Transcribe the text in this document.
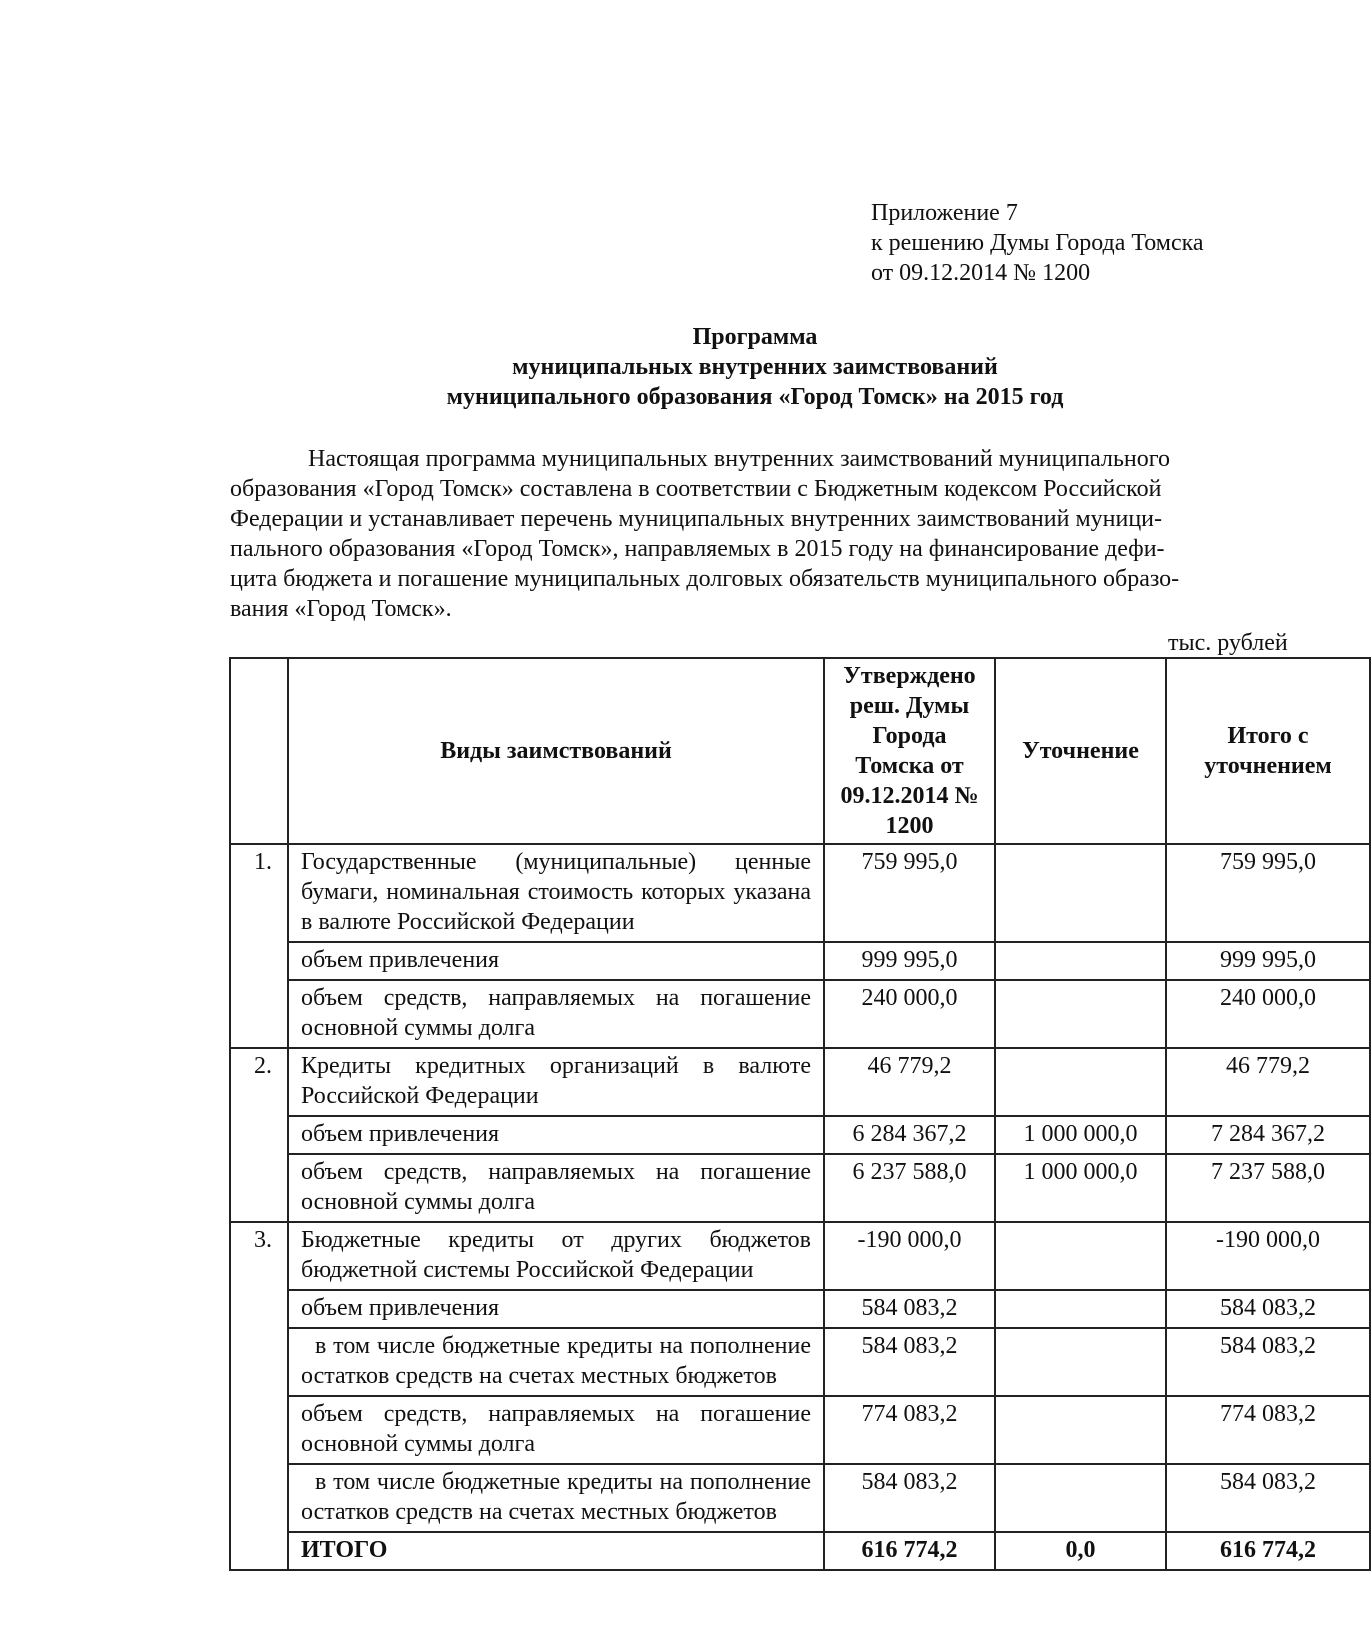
Приложение 7
к решению Думы Города Томска
от 09.12.2014 № 1200
Программа
муниципальных внутренних заимствований
муниципального образования «Город Томск» на 2015 год
Настоящая программа муниципальных внутренних заимствований муниципального
образования «Город Томск» составлена в соответствии с Бюджетным кодексом Российской
Федерации и устанавливает перечень муниципальных внутренних заимствований муници-
пального образования «Город Томск», направляемых в 2015 году на финансирование дефи-
цита бюджета и погашение муниципальных долговых обязательств муниципального образо-
вания «Город Томск».
тыс. рублей
	Виды заимствований	Утверждено реш. Думы Города Томска от 09.12.2014 № 1200	Уточнение	Итого с уточнением
1.	Государственные (муниципальные) ценные бумаги, номинальная стоимость которых указана в валюте Российской Федерации	759 995,0		759 995,0
	объем привлечения	999 995,0		999 995,0
	объем средств, направляемых на погашение основной суммы долга	240 000,0		240 000,0
2.	Кредиты кредитных организаций в валюте Российской Федерации	46 779,2		46 779,2
	объем привлечения	6 284 367,2	1 000 000,0	7 284 367,2
	объем средств, направляемых на погашение основной суммы долга	6 237 588,0	1 000 000,0	7 237 588,0
3.	Бюджетные кредиты от других бюджетов бюджетной системы Российской Федерации	-190 000,0		-190 000,0
	объем привлечения	584 083,2		584 083,2
	в том числе бюджетные кредиты на пополнение остатков средств на счетах местных бюджетов	584 083,2		584 083,2
	объем средств, направляемых на погашение основной суммы долга	774 083,2		774 083,2
	в том числе бюджетные кредиты на пополнение остатков средств на счетах местных бюджетов	584 083,2		584 083,2
	ИТОГО	616 774,2	0,0	616 774,2
